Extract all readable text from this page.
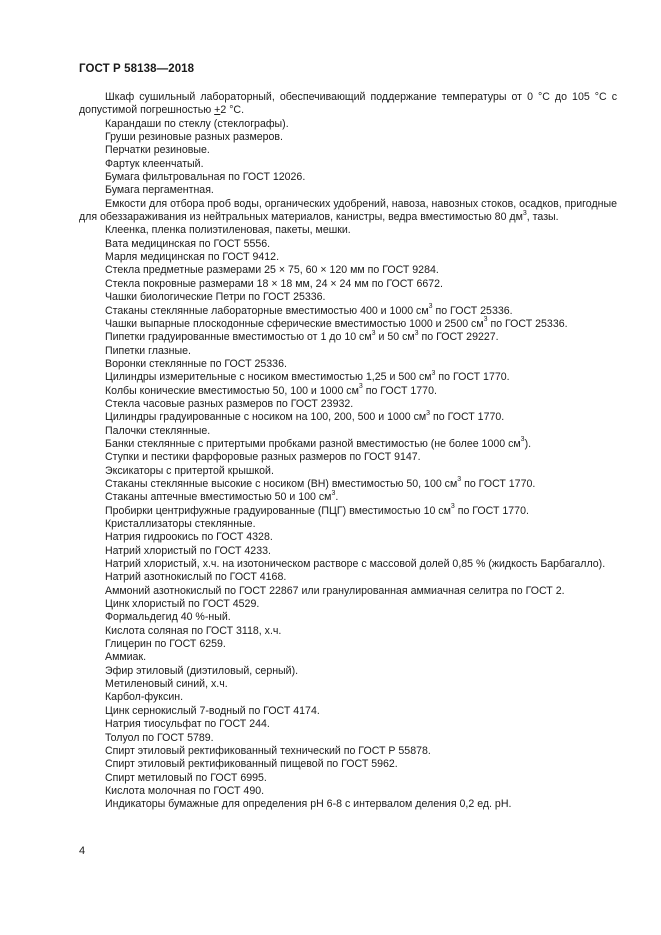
ГОСТ Р 58138—2018

Шкаф сушильный лабораторный, обеспечивающий поддержание температуры от 0 °С до 105 °С с допустимой погрешностью +2 °С.

Карандаши по стеклу (стеклографы).

Груши резиновые разных размеров.

Перчатки резиновые.

Фартук клеенчатый.

Бумага фильтровальная по ГОСТ 12026.

Бумага пергаментная.

Емкости для отбора проб воды, органических удобрений, навоза, навозных стоков, осадков, пригодные для обеззараживания из нейтральных материалов, канистры, ведра вместимостью 80 $дм^3$, тазы.

Клеенка, пленка полиэтиленовая, пакеты, мешки.

Вата медицинская по ГОСТ 5556.

Марля медицинская по ГОСТ 9412.

Стекла предметные размерами 25 × 75, 60 × 120 мм по ГОСТ 9284.

Стекла покровные размерами 18 × 18 мм, 24 × 24 мм по ГОСТ 6672.

Чашки биологические Петри по ГОСТ 25336.

Стаканы стеклянные лабораторные вместимостью 400 и 1000 $см^3$ по ГОСТ 25336.

Чашки выпарные плоскодонные сферические вместимостью 1000 и 2500 $см^3$ по ГОСТ 25336.

Пипетки градуированные вместимостью от 1 до 10 $см^3$ и 50 $см^3$ по ГОСТ 29227.

Пипетки глазные.

Воронки стеклянные по ГОСТ 25336.

Цилиндры измерительные с носиком вместимостью 1,25 и 500 $см^3$ по ГОСТ 1770.

Колбы конические вместимостью 50, 100 и 1000 $см^3$ по ГОСТ 1770.

Стекла часовые разных размеров по ГОСТ 23932.

Цилиндры градуированные с носиком на 100, 200, 500 и 1000 $см^3$ по ГОСТ 1770.

Палочки стеклянные.

Банки стеклянные с притертыми пробками разной вместимостью (не более 1000 $см^3$).

Ступки и пестики фарфоровые разных размеров по ГОСТ 9147.

Эксикаторы с притертой крышкой.

Стаканы стеклянные высокие с носиком (ВН) вместимостью 50, 100 $см^3$ по ГОСТ 1770.

Стаканы аптечные вместимостью 50 и 100 $см^3$.

Пробирки центрифужные градуированные (ПЦГ) вместимостью 10 $см^3$ по ГОСТ 1770.

Кристаллизаторы стеклянные.

Натрия гидроокись по ГОСТ 4328.

Натрий хлористый по ГОСТ 4233.

Натрий хлористый, х.ч. на изотоническом растворе с массовой долей 0,85 % (жидкость Барбагалло).

Натрий азотнокислый по ГОСТ 4168.

Аммоний азотнокислый по ГОСТ 22867 или гранулированная аммиачная селитра по ГОСТ 2.

Цинк хлористый по ГОСТ 4529.

Формальдегид 40 %-ный.

Кислота соляная по ГОСТ 3118, х.ч.

Глицерин по ГОСТ 6259.

Аммиак.

Эфир этиловый (диэтиловый, серный).

Метиленовый синий, х.ч.

Карбол-фуксин.

Цинк сернокислый 7-водный по ГОСТ 4174.

Натрия тиосульфат по ГОСТ 244.

Толуол по ГОСТ 5789.

Спирт этиловый ректификованный технический по ГОСТ Р 55878.

Спирт этиловый ректификованный пищевой по ГОСТ 5962.

Спирт метиловый по ГОСТ 6995.

Кислота молочная по ГОСТ 490.

Индикаторы бумажные для определения рН 6-8 с интервалом деления 0,2 ед. рН.

4
